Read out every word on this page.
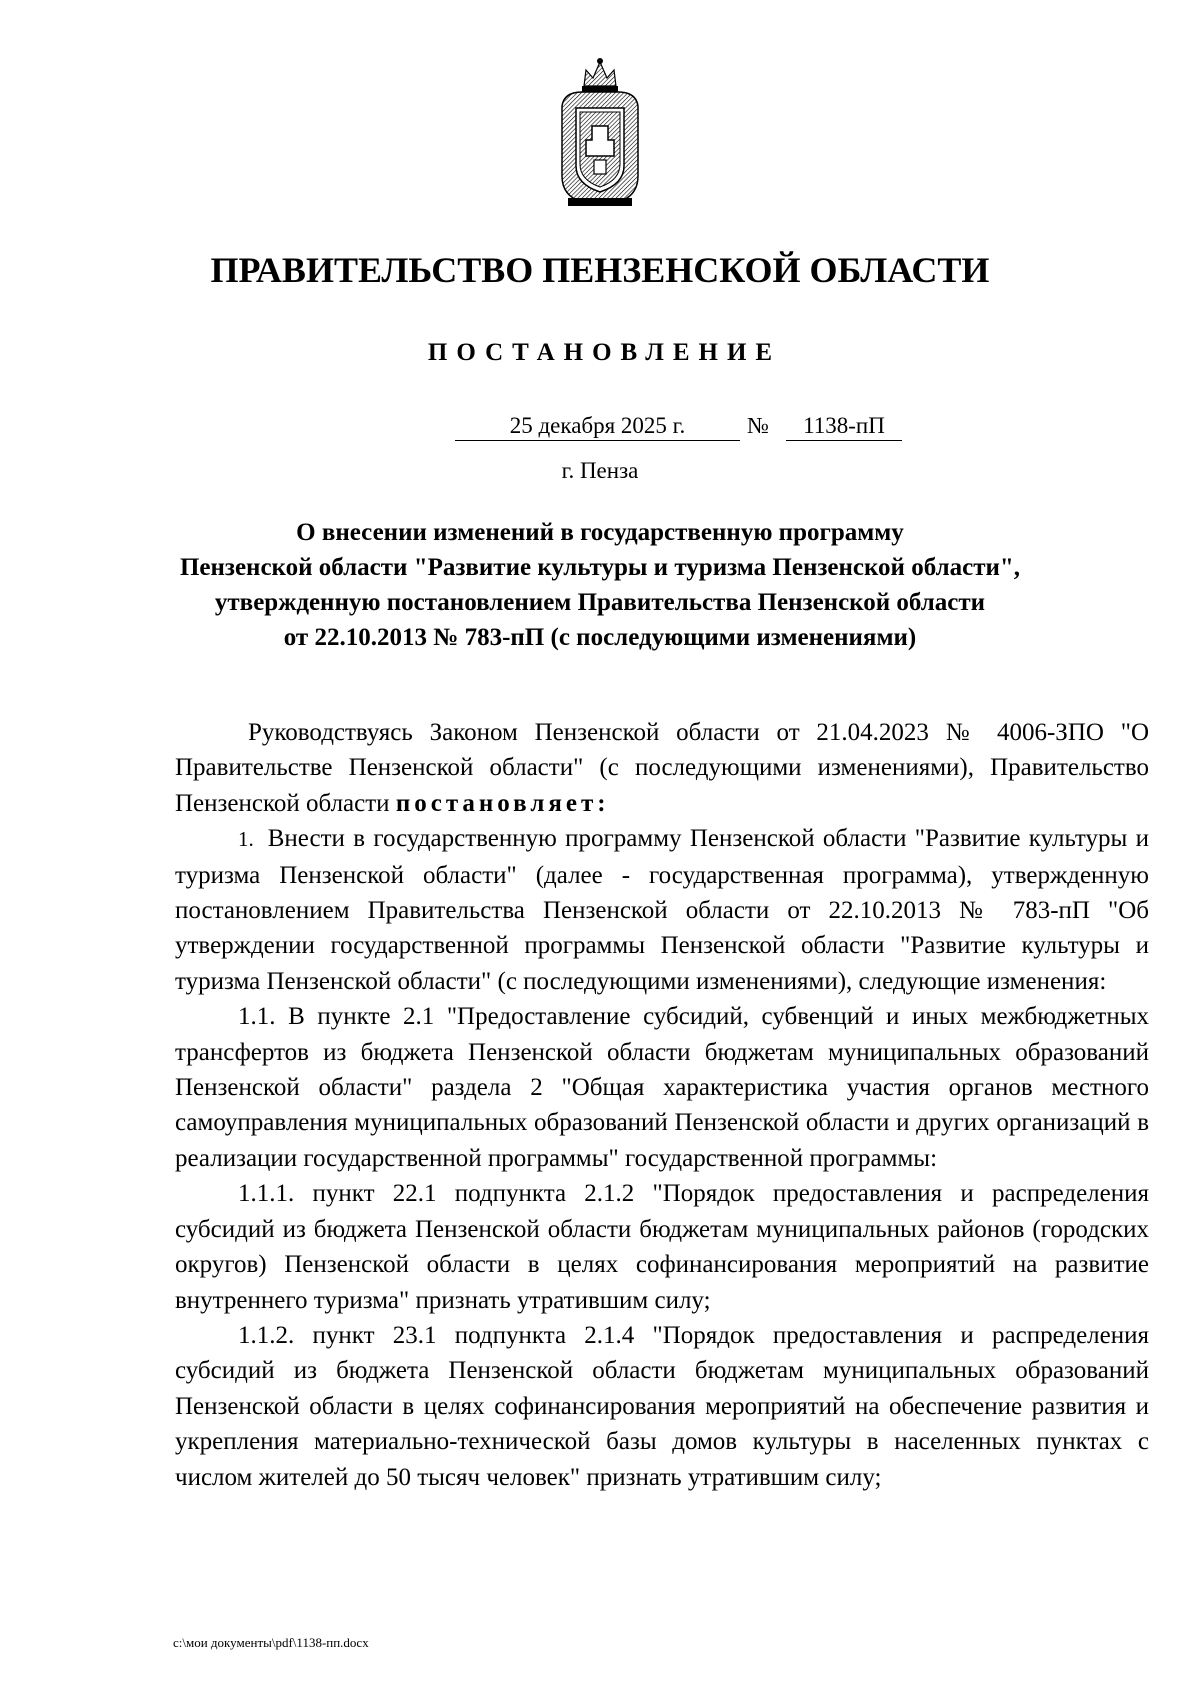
ПРАВИТЕЛЬСТВО ПЕНЗЕНСКОЙ ОБЛАСТИ
ПОСТАНОВЛЕНИЕ
25 декабря 2025 г.	№	1138-пП
г. Пенза
О внесении изменений в государственную программу
Пензенской области "Развитие культуры и туризма Пензенской области",
утвержденную постановлением Правительства Пензенской области
от 22.10.2013 № 783-пП (с последующими изменениями)

Руководствуясь Законом Пензенской области от 21.04.2023 № 4006-ЗПО "О Правительстве Пензенской области" (с последующими изменениями), Правительство Пензенской области постановляет:

1. Внести в государственную программу Пензенской области "Развитие культуры и туризма Пензенской области" (далее - государственная программа), утвержденную постановлением Правительства Пензенской области от 22.10.2013 № 783-пП "Об утверждении государственной программы Пензенской области "Развитие культуры и туризма Пензенской области" (с последующими изменениями), следующие изменения:

1.1. В пункте 2.1 "Предоставление субсидий, субвенций и иных межбюджетных трансфертов из бюджета Пензенской области бюджетам муниципальных образований Пензенской области" раздела 2 "Общая характеристика участия органов местного самоуправления муниципальных образований Пензенской области и других организаций в реализации государственной программы" государственной программы:

1.1.1. пункт 22.1 подпункта 2.1.2 "Порядок предоставления и распределения субсидий из бюджета Пензенской области бюджетам муниципальных районов (городских округов) Пензенской области в целях софинансирования мероприятий на развитие внутреннего туризма" признать утратившим силу;

1.1.2. пункт 23.1 подпункта 2.1.4 "Порядок предоставления и распределения субсидий из бюджета Пензенской области бюджетам муниципальных образований Пензенской области в целях софинансирования мероприятий на обеспечение развития и укрепления материально-технической базы домов культуры в населенных пунктах с числом жителей до 50 тысяч человек" признать утратившим силу;

c:\мои документы\pdf\1138-пп.docx
